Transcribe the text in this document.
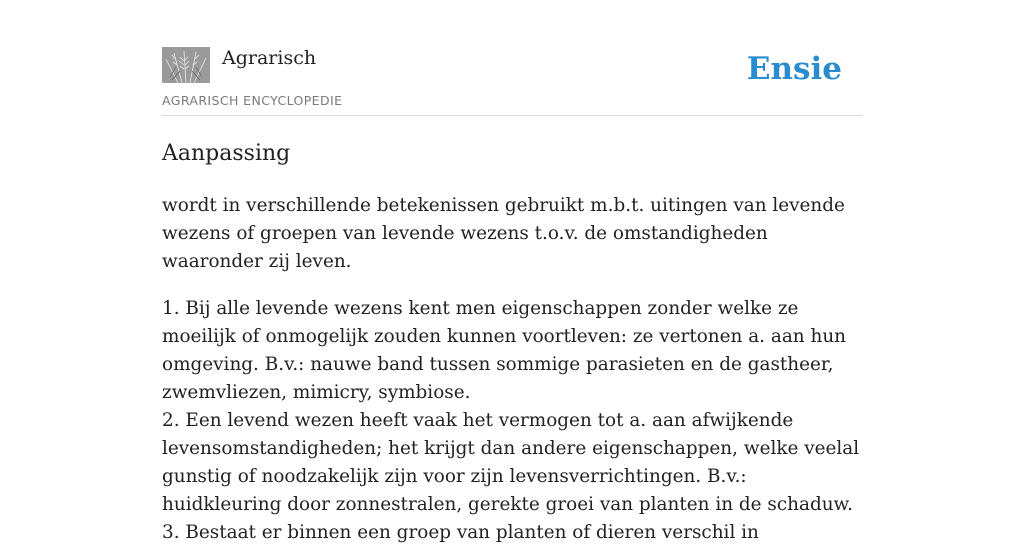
Agrarisch
AGRARISCH ENCYCLOPEDIE
Ensie
Aanpassing

wordt in verschillende betekenissen gebruikt m.b.t. uitingen van levende wezens of groepen van levende wezens t.o.v. de omstandigheden waaronder zij leven.

1. Bij alle levende wezens kent men eigenschappen zonder welke ze moeilijk of onmogelijk zouden kunnen voortleven: ze vertonen a. aan hun omgeving. B.v.: nauwe band tussen sommige parasieten en de gastheer, zwemvliezen, mimicry, symbiose.
2. Een levend wezen heeft vaak het vermogen tot a. aan afwijkende levensomstandigheden; het krijgt dan andere eigenschappen, welke veelal gunstig of noodzakelijk zijn voor zijn levensverrichtingen. B.v.: huidkleuring door zonnestralen, gerekte groei van planten in de schaduw.
3. Bestaat er binnen een groep van planten of dieren verschil in
